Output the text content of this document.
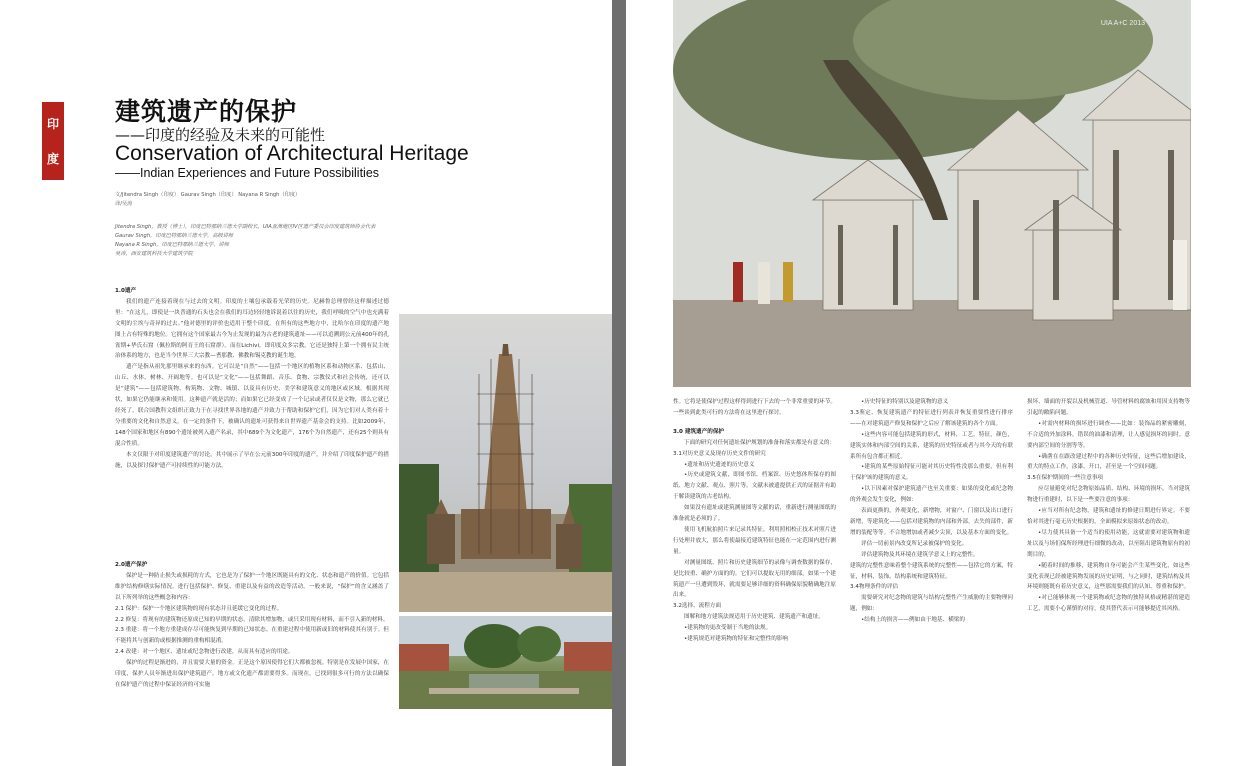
印
度
建筑遗产的保护
——印度的经验及未来的可能性
Conservation of Architectural Heritage
——Indian Experiences and Future Possibilities
文/Jitendra Singh（印度） Gaurav Singh（印度） Nayana R Singh（印度）
译/吴涛
Jitendra Singh，教授（博士），印度巴特那纳兰德大学副校长，UIA亚澳地区IV区遗产委员会印度建筑师协会代表
Gaurav Singh，印度巴特那纳兰德大学，高级讲师
Nayana R Singh，印度巴特那纳兰德大学，讲师
吴涛，西安建筑科技大学建筑学院

1.0遗产

我们的遗产连接着现在与过去的文明。印度的土壤包承载着光荣的历史。尼赫鲁总理曾经这样描述过德里：“在这儿，即使是一块普通的石头也会在我们的耳边轻轻地诉说着以往的历史，我们呼吸的空气中也充满着文明的尘埃与奇异的过去。”他对德里的评价也适用于整个印度。在所有的这些地方中，比哈尔在印度的遗产地图上占有特殊的地位。它拥有这个国家最古今为止发现的最为古老的建筑遗址——可以追溯到公元前400年的孔雀期+华氏石窟（佩拉斯的阿育王的石窟群）。而在Lichivi，即印度众多宗教。它还是独特上第一个拥有民主统治体系的地方，也是当今世界三大宗教—耆那教、佛教和锡克教的诞生地。

遗产是指从祖先那里继承来的东西。它可以是“自然”——包括一个地区的植物区系和动物区系、包括山、山丘、水体、树林、开阔地等。也可以是“文化”——包括舞蹈、音乐、食物、宗教仪式和社会传统，还可以是“建筑”——包括建筑物、构筑物、文物、城镇、以及具有历史、美学和建筑意义的地区或区域。根据其现状，如果它仍能继承和使用。这种遗产就是活的；而如果它已经变成了一个记录或者仅仅是文物，那么它就已经死了。联合国教科文组织正致力于在寻找世界各地的遗产并致力于帮助和保护它们，因为它们对人类有着十分重要的文化和自然意义。在一定的条件下，被确认的遗址可获得来自世界遗产基金会的支持。比如2009年，148个国家和地区有890个遗址被列入遗产名录，其中689个为文化遗产，176个为自然遗产，还有25个则具有混合性质。

本文仅限于对印度建筑遗产的讨论，其中展示了早在公元前300年印度的遗产，并介绍了印度保护遗产的措施，以及探讨保护遗产可持续性的可能方法。

2.0遗产保护

保护是一种防止损失或损耗的方式，它也是为了保护一个地区既能具有的文化、状态和遗产的价值。它包括维护结构修缮实际情况。进行包括保护、修复、重建以及有益的改造等活动。一般来说，“保护”的含义涵盖了以下所列举的这些概念和内容：

2.1 保护：保护一个地区建筑物的现有状态并且延缓它变化的过程。

2.2 修复：将现有的建筑物还原成已知的早期的状态，清除其增加物，或只采用现有材料，而不引入新的材料。

2.3 重建：将一个地方重建成存尽可能恢复到早期的已知状态。在重建过程中使用新或旧的材料使其有别于。但不能将其与创新的或根据推测的重构相混淆。

2.4 改建：对一个地区、遗址或纪念物进行改建，从而具有适应的用途。

保护的过程是渐进的，并且需要大量的资金。正是这个原因使得它们大都被忽视。特别是在发展中国家，在印度，保护人员年渐进出保护建筑遗产。地方或文化遗产都需要得多。而现在，已找到很多可行的方法以确保在保护遗产的过程中保证经济的可实施

UIA A+C 2013

性。它将是使保护过程这样得到进行下去的一个非常重要的环节。一些谈到此类可行的方法将在这里进行探讨。

3.0 建筑遗产的保护

下面的研究对任何遗址保护规划的准备和落实都是有意义的：

3.1对历史意义及现存历史文件的研究

•遗址和历史遗迹的历史意义

•历史或建筑文献，即图书馆、档案馆、历史悠体所保存的图纸、地方文献、观点、照片等。文献未被遗提供正式的证据并有助于解读建筑的古老结构。

如果没有遗址或建筑测量图等文献的话，重新进行测量图纸的准备就是必须的了。

使用飞机航拍照片来记录其特征。利用照相校正技术对照片进行处理并放大，那么将使最接近建筑特征也能在一定范围内进行测量。

对测量图纸、照片和历史建筑细节的录像与调查数据的保存，是比较重、确护方面的的。它们可以提取无用的细部。如果一个建筑遗产一旦遭到毁坏，就需要足够详细的资料确保原貌精确地注原出来。

3.2选择、流程方面

图解和地方建筑法规适用于历史建筑、建筑遗产和遗址。

•建筑物的更改受制于当地的法规。

•建筑规范对建筑物的特征和完整性的影响

•历史特征的特别以及建筑物的意义

3.3鉴定、恢复建筑遗产的特征进行列表并恢复重要性进行排序——在对建筑遗产修复和保护之后应了解该建筑的各个方面。

•这些内容可能包括建筑的形式，材料，工艺，特征，颜色，建筑实体和内部空间的关系，建筑的历史特征或者与其今天的有联系所有包含都正相近。

•建筑的某些原始特征可能对其历史特性没那么重要，但有利于保护该的建筑的意义。

•以下因素对保护建筑遗产也至关重要：如果的变化或纪念物的外观会发生变化，例如：

表面更换的，外观变化，新增物，对窗户、门窗以及出口进行新增，等建筑化——包括对建筑物的内部和外部。去失的部件，新增的装配等等。不合地增加或者减少尖顶，以及基本方面的变化。

评估一切前景内改变所记录被保护的变化。

评估建筑物及其环境在建筑学意义上的完整性。

建筑的完整性意味着整个建筑系统的完整性——包括它的方案，特征，材料，装饰，结构系统和建筑特征。

3.4物理条件的评估

需要研究对纪念物的建筑与结构完整性产生威胁的主要物理问题，例如：

•结构上的损害——例如由于地基、横梁的

损坏、墙面的开裂以及机械管道、导管材料的腐蚀和用因支持物等引起的敞陷问题。

•对需内材料的损坏进行调查——比如：装饰品的紧密雕刻，不合适的外加涂料，错误的油漆和清理，让人感觉损坏的同时。意要内部空间的分割等等。

•确凿在在跟改建过程中的各种历史特征，这些后增加建设，重大的特点工作，涂漆、开口，甚至是一个空间问题。

3.5在保护期间的一些注意事项

应尽量避免对纪念物原始品质、结构、环境的损坏。当对建筑物进行重建时，以下是一些要注意的事项：

•应当对所有纪念物，建筑和遗址的修建日期进行界定。不要恰对其进行毫无历史根据的，全面模拟来原始状态的改动。

•尽力使其具备一个适当的使用功能，这就需要对建筑物和遗址以及与场们保所经理进行细微的改动，以至阻出建筑物原有的初期目的。

•随着时间的推移，建筑物自身可能会产生某些变化，如这些变化表现已经被建筑物发展的历史证明，与之同时，建筑结构及其环境则能既有着历史意义，这些那需要我们的认知、尊重和保护。

•对已能够体现一个建筑物或纪念物的独特风格或精湛的建造工艺，需要小心谨慎的对待，使其替代表示可能够提近其风格。
